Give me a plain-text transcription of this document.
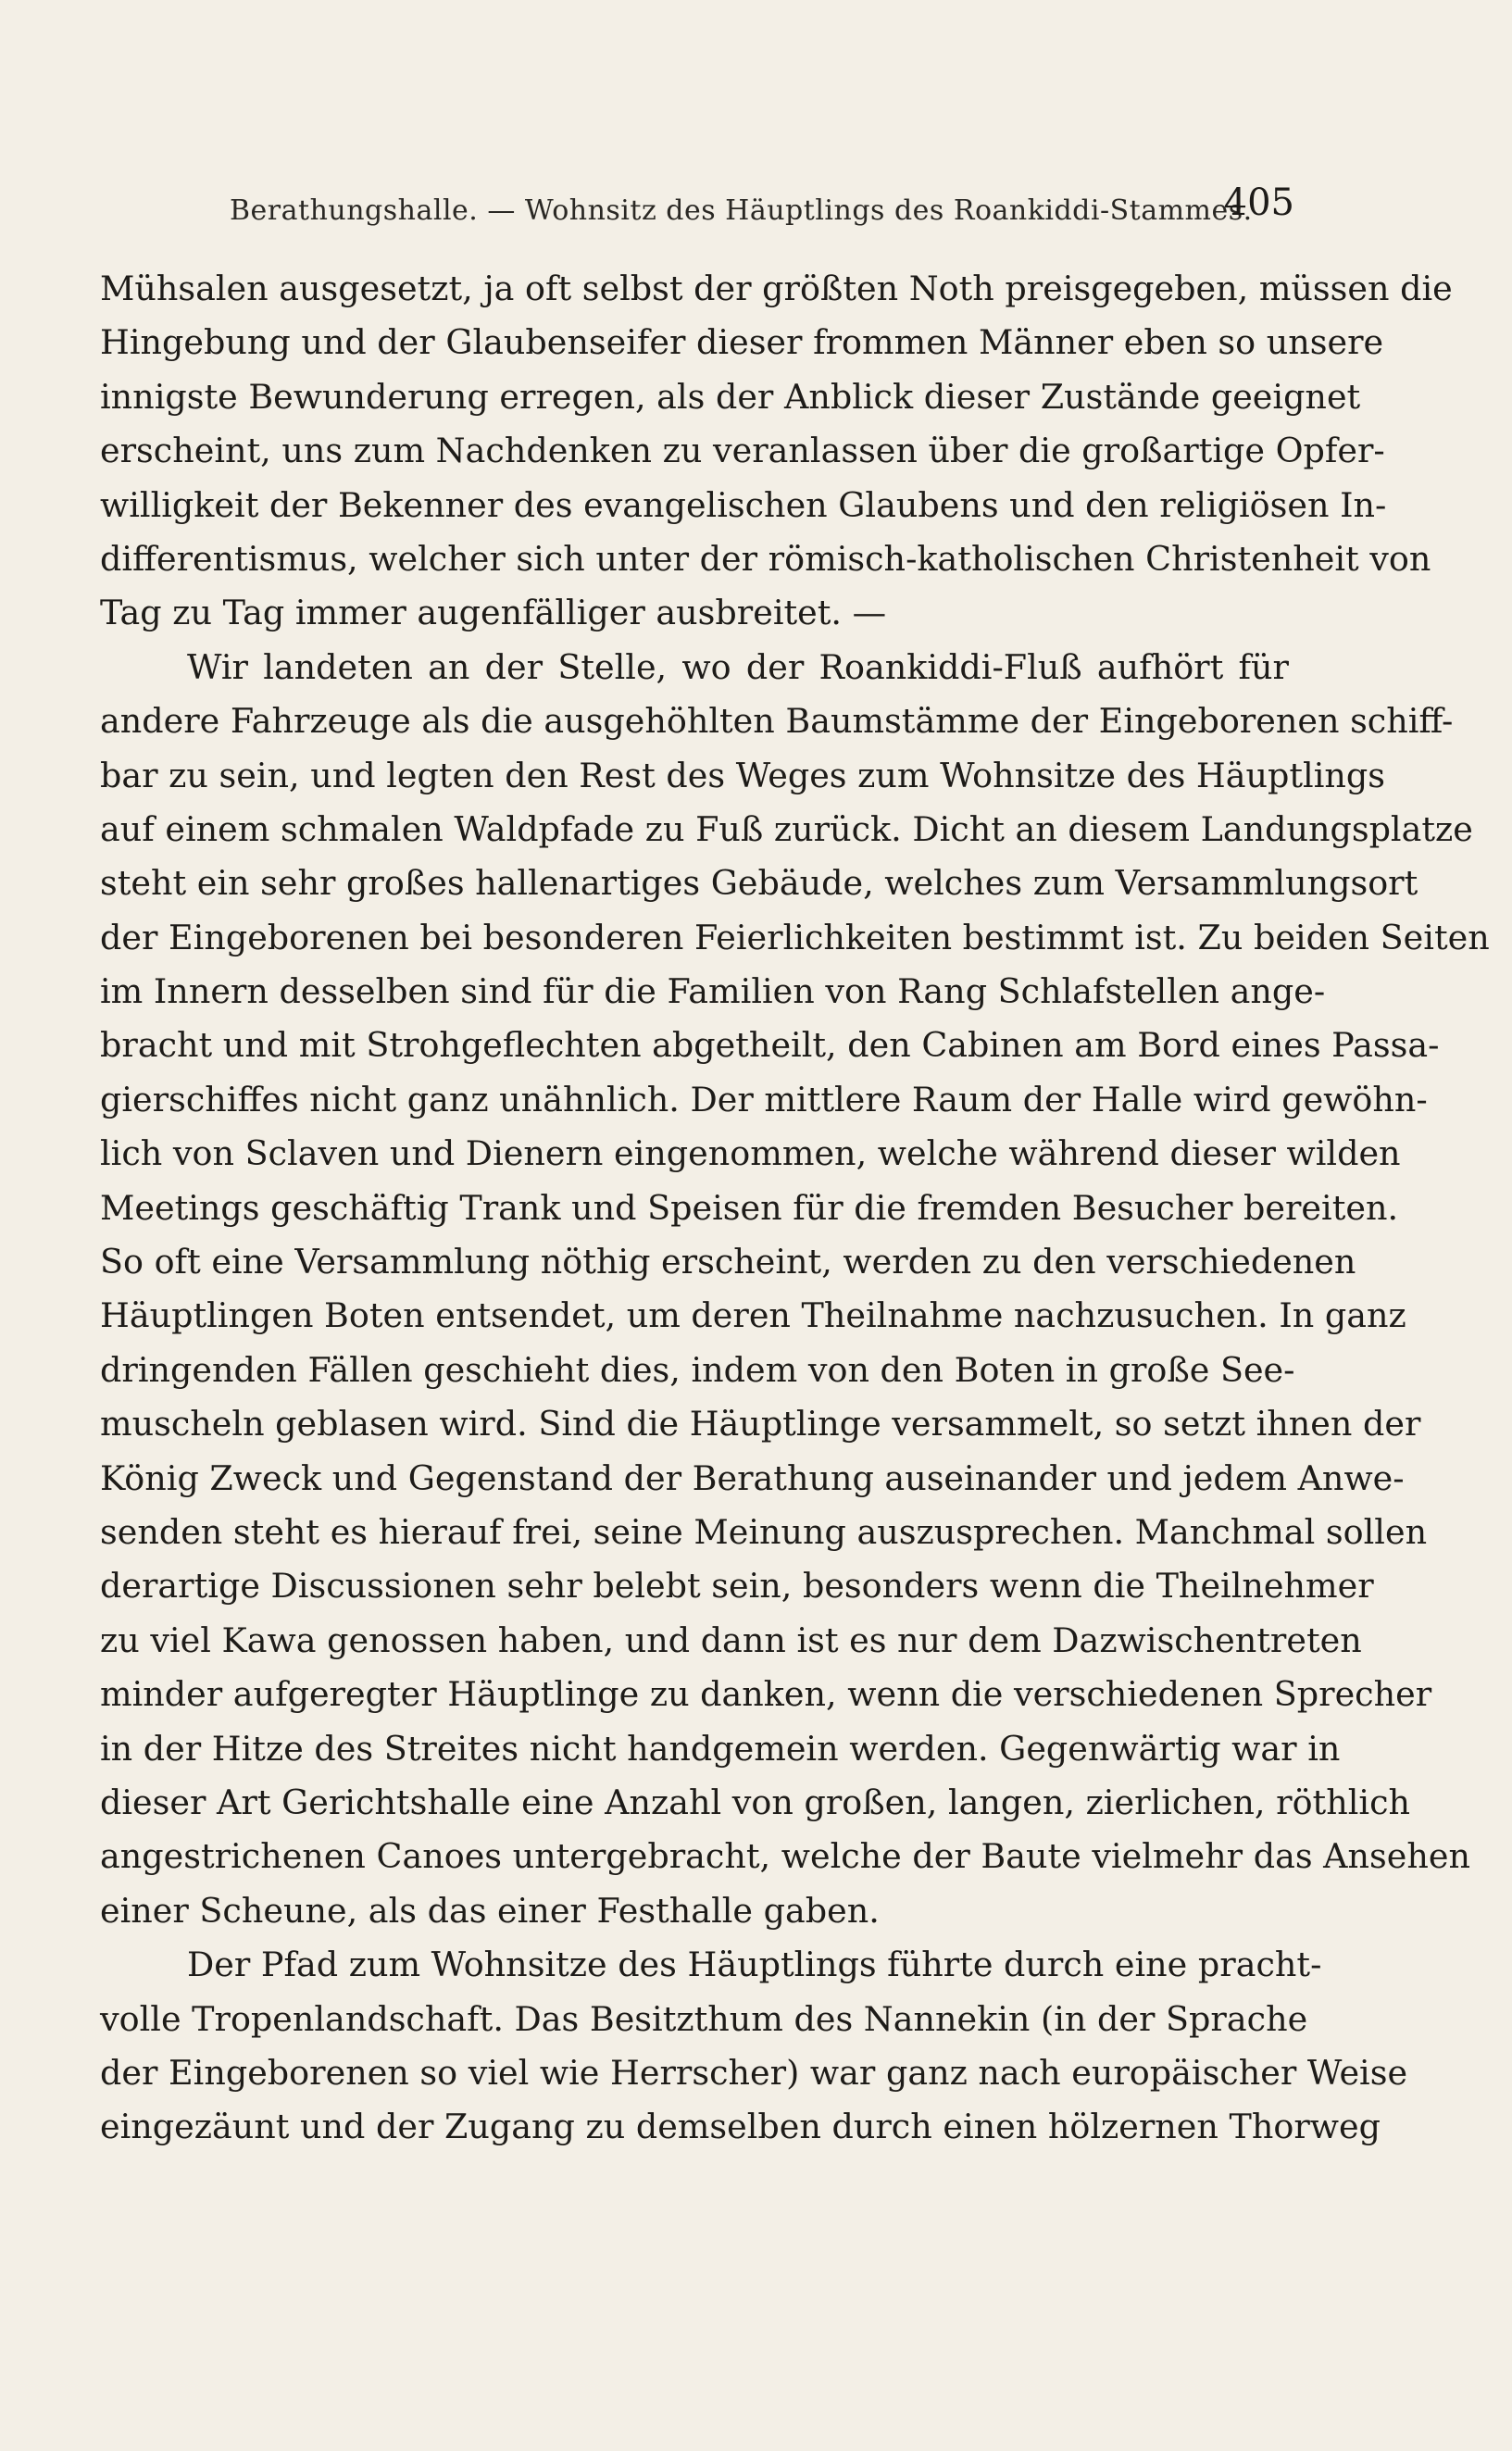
Berathungshalle. — Wohnsitz des Häuptlings des Roankiddi-Stammes.
405
Mühsalen ausgesetzt, ja oft selbst der größten Noth preisgegeben, müssen die
Hingebung und der Glaubenseifer dieser frommen Männer eben so unsere
innigste Bewunderung erregen, als der Anblick dieser Zustände geeignet
erscheint, uns zum Nachdenken zu veranlassen über die großartige Opfer-
willigkeit der Bekenner des evangelischen Glaubens und den religiösen In-
differentismus, welcher sich unter der römisch-katholischen Christenheit von
Tag zu Tag immer augenfälliger ausbreitet. —
Wir landeten an der Stelle, wo der Roankiddi-Fluß aufhört für
andere Fahrzeuge als die ausgehöhlten Baumstämme der Eingeborenen schiff-
bar zu sein, und legten den Rest des Weges zum Wohnsitze des Häuptlings
auf einem schmalen Waldpfade zu Fuß zurück. Dicht an diesem Landungsplatze
steht ein sehr großes hallenartiges Gebäude, welches zum Versammlungsort
der Eingeborenen bei besonderen Feierlichkeiten bestimmt ist. Zu beiden Seiten
im Innern desselben sind für die Familien von Rang Schlafstellen ange-
bracht und mit Strohgeflechten abgetheilt, den Cabinen am Bord eines Passa-
gierschiffes nicht ganz unähnlich. Der mittlere Raum der Halle wird gewöhn-
lich von Sclaven und Dienern eingenommen, welche während dieser wilden
Meetings geschäftig Trank und Speisen für die fremden Besucher bereiten.
So oft eine Versammlung nöthig erscheint, werden zu den verschiedenen
Häuptlingen Boten entsendet, um deren Theilnahme nachzusuchen. In ganz
dringenden Fällen geschieht dies, indem von den Boten in große See-
muscheln geblasen wird. Sind die Häuptlinge versammelt, so setzt ihnen der
König Zweck und Gegenstand der Berathung auseinander und jedem Anwe-
senden steht es hierauf frei, seine Meinung auszusprechen. Manchmal sollen
derartige Discussionen sehr belebt sein, besonders wenn die Theilnehmer
zu viel Kawa genossen haben, und dann ist es nur dem Dazwischentreten
minder aufgeregter Häuptlinge zu danken, wenn die verschiedenen Sprecher
in der Hitze des Streites nicht handgemein werden. Gegenwärtig war in
dieser Art Gerichtshalle eine Anzahl von großen, langen, zierlichen, röthlich
angestrichenen Canoes untergebracht, welche der Baute vielmehr das Ansehen
einer Scheune, als das einer Festhalle gaben.
Der Pfad zum Wohnsitze des Häuptlings führte durch eine pracht-
volle Tropenlandschaft. Das Besitzthum des Nannekin (in der Sprache
der Eingeborenen so viel wie Herrscher) war ganz nach europäischer Weise
eingezäunt und der Zugang zu demselben durch einen hölzernen Thorweg
